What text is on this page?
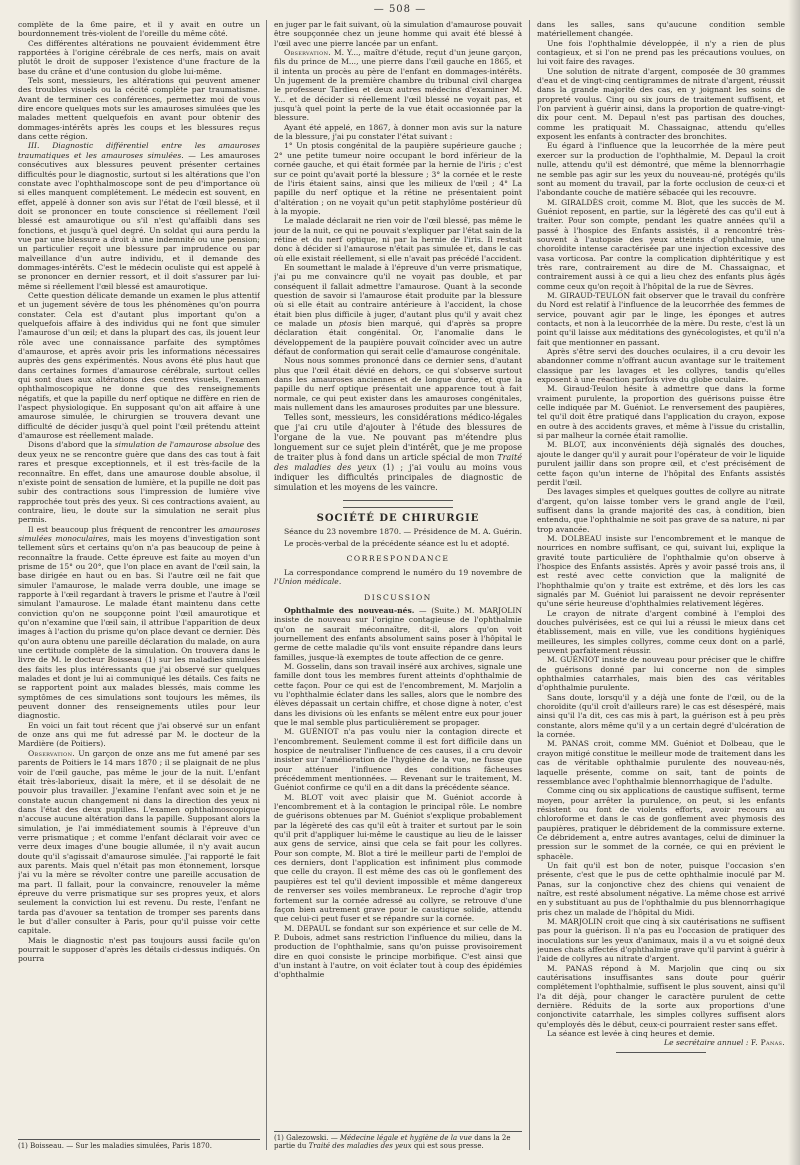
— 508 —

complète de la 6me paire, et il y avait en outre un bourdonnement très-violent de l'oreille du même côté.

Ces différentes altérations ne pouvaient évidemment être rapportées à l'origine cérébrale de ces nerfs, mais on avait plutôt le droit de supposer l'existence d'une fracture de la base du crâne et d'une contusion du globe lui-même.

Tels sont, messieurs, les altérations qui peuvent amener des troubles visuels ou la cécité complète par traumatisme. Avant de terminer ces conférences, permettez moi de vous dire encore quelques mots sur les amauroses simulées que les malades mettent quelquefois en avant pour obtenir des dommages-intérêts après les coups et les blessures reçus dans cette région.

III. Diagnostic différentiel entre les amauroses traumatiques et les amauroses simulées. — Les amauroses consécutives aux blessures peuvent présenter certaines difficultés pour le diagnostic, surtout si les altérations que l'on constate avec l'ophthalmoscope sont de peu d'importance où si elles manquent complétement. Le médecin est souvent, en effet, appelé à donner son avis sur l'état de l'œil blessé, et il doit se prononcer en toute conscience si réellement l'œil blessé est amaurotique ou s'il n'est qu'affaibli dans ses fonctions, et jusqu'à quel degré. Un soldat qui aura perdu la vue par une blessure a droit à une indemnité ou une pension; un particulier reçoit une blessure par imprudence ou par malveillance d'un autre individu, et il demande des dommages-intérêts. C'est le médecin oculiste qui est appelé à se prononcer en dernier ressort, et il doit s'assurer par lui-même si réellement l'œil blessé est amaurotique.

Cette question délicate demande un examen le plus attentif et un jugement sévère de tous les phénomènes qu'on pourra constater. Cela est d'autant plus important qu'on a quelquefois affaire à des individus qui ne font que simuler l'amaurose d'un œil; et dans la plupart des cas, ils jouent leur rôle avec une connaissance parfaite des symptômes d'amaurose, et après avoir pris les informations nécessaires auprès des gens expérimentés. Nous avons été plus haut que dans certaines formes d'amaurose cérébrale, surtout celles qui sont dues aux altérations des centres visuels, l'examen ophthalmoscopique ne donne que des renseignements négatifs, et que la papille du nerf optique ne diffère en rien de l'aspect physiologique. En supposant qu'on ait affaire à une amaurose simulée, le chirurgien se trouvera devant une difficulté de décider jusqu'à quel point l'œil prétendu atteint d'amaurose est réellement malade.

Disons d'abord que la simulation de l'amaurose absolue des deux yeux ne se rencontre guère que dans des cas tout à fait rares et presque exceptionnels, et il est très-facile de la reconnaître. En effet, dans une amaurose double absolue, il n'existe point de sensation de lumière, et la pupille ne doit pas subir des contractions sous l'impression de lumière vive rapprochée tout près des yeux. Si ces contractions avaient, au contraire, lieu, le doute sur la simulation ne serait plus permis.

Il est beaucoup plus fréquent de rencontrer les amauroses simulées monoculaires, mais les moyens d'investigation sont tellement sûrs et certains qu'on n'a pas beaucoup de peine à reconnaître la fraude. Cette épreuve est faite au moyen d'un prisme de 15° ou 20°, que l'on place en avant de l'œil sain, la base dirigée en haut ou en bas. Si l'autre œil ne fait que simuler l'amaurose, le malade verra double, une image se rapporte à l'œil regardant à travers le prisme et l'autre à l'œil simulant l'amaurose. Le malade étant maintenu dans cette conviction qu'on ne soupçonne point l'œil amaurotique et qu'on n'examine que l'œil sain, il attribue l'apparition de deux images à l'action du prisme qu'on place devant ce dernier. Dès qu'on aura obtenu une pareille déclaration du malade, on aura une certitude complète de la simulation. On trouvera dans le livre de M. le docteur Boisseau (1) sur les maladies simulées des faits les plus intéressants que j'ai observé sur quelques malades et dont je lui ai communiqué les détails. Ces faits ne se rapportent point aux malades blessés, mais comme les symptômes de ces simulations sont toujours les mêmes, ils peuvent donner des renseignements utiles pour leur diagnostic.

En voici un fait tout récent que j'ai observé sur un enfant de onze ans qui me fut adressé par M. le docteur de la Mardière (de Poitiers).

Observation. Un garçon de onze ans me fut amené par ses parents de Poitiers le 14 mars 1870 ; il se plaignait de ne plus voir de l'œil gauche, pas même le jour de la nuit. L'enfant était très-laborieux, disait la mère, et il se désolait de ne pouvoir plus travailler. J'examine l'enfant avec soin et je ne constate aucun changement ni dans la direction des yeux ni dans l'état des deux pupilles. L'examen ophthalmoscopique n'accuse aucune altération dans la papille. Supposant alors la simulation, je l'ai immédiatement soumis à l'épreuve d'un verre prismatique ; et comme l'enfant déclarait voir avec ce verre deux images d'une bougie allumée, il n'y avait aucun doute qu'il s'agissait d'amaurose simulée. J'ai rapporté le fait aux parents. Mais quel n'était pas mon étonnement, lorsque j'ai vu la mère se révolter contre une pareille accusation de ma part. Il fallait, pour la convaincre, renouveler la même épreuve du verre prismatique sur ses propres yeux, et alors seulement la conviction lui est revenu. Du reste, l'enfant ne tarda pas d'avouer sa tentation de tromper ses parents dans le but d'aller consulter à Paris, pour qu'il puisse voir cette capitale.

Mais le diagnostic n'est pas toujours aussi facile qu'on pourrait le supposer d'après les détails ci-dessus indiqués. On pourra

(1) Boisseau. — Sur les maladies simulées, Paris 1870.

en juger par le fait suivant, où la simulation d'amaurose pouvait être soupçonnée chez un jeune homme qui avait été blessé à l'œil avec une pierre lancée par un enfant.

Observation. M. Y..., maître d'étude, reçut d'un jeune garçon, fils du prince de M..., une pierre dans l'œil gauche en 1865, et il intenta un procès au père de l'enfant en dommages-intérêts. Un jugement de la première chambre du tribunal civil chargea le professeur Tardieu et deux autres médecins d'examiner M. Y... et de décider si réellement l'œil blessé ne voyait pas, et jusqu'à quel point la perte de la vue était occasionnée par la blessure.

Ayant été appelé, en 1867, à donner mon avis sur la nature de la blessure, j'ai pu constater l'état suivant :

1° Un ptosis congénital de la paupière supérieure gauche ; 2° une petite tumeur noire occupant le bord inférieur de la cornée gauche, et qui était formée par la hernie de l'iris ; c'est sur ce point qu'avait porté la blessure ; 3° la cornée et le reste de l'iris étaient sains, ainsi que les milieux de l'œil ; 4° La papille du nerf optique et la rétine ne présentaient point d'altération ; on ne voyait qu'un petit staphylôme postérieur dû à la myopie.

Le malade déclarait ne rien voir de l'œil blessé, pas même le jour de la nuit, ce qui ne pouvait s'expliquer par l'état sain de la rétine et du nerf optique, ni par la hernie de l'iris. Il restait donc à décider si l'amaurose n'était pas simulée et, dans le cas où elle existait réellement, si elle n'avait pas précédé l'accident.

En soumettant le malade à l'épreuve d'un verre prismatique, j'ai pu me convaincre qu'il ne voyait pas double, et par conséquent il fallait admettre l'amaurose. Quant à la seconde question de savoir si l'amaurose était produite par la blessure où si elle était au contraire antérieure à l'accident, la chose était bien plus difficile à juger, d'autant plus qu'il y avait chez ce malade un ptosis bien marqué, qui d'après sa propre déclaration était congénital. Or, l'anomalie dans le développement de la paupière pouvait coïncider avec un autre défaut de conformation qui serait celle d'amaurose congénitale.

Nous nous sommes prononcé dans ce dernier sens, d'autant plus que l'œil était dévié en dehors, ce qui s'observe surtout dans les amauroses anciennes et de longue durée, et que la papille du nerf optique présentait une apparence tout à fait normale, ce qui peut exister dans les amauroses congénitales, mais nullement dans les amauroses produites par une blessure.

Telles sont, messieurs, les considérations médico-légales que j'ai cru utile d'ajouter à l'étude des blessures de l'organe de la vue. Ne pouvant pas m'étendre plus longuement sur ce sujet plein d'intérêt, que je me propose de traiter plus à fond dans un article spécial de mon Traité des maladies des yeux (1) ; j'ai voulu au moins vous indiquer les difficultés principales de diagnostic de simulation et les moyens de les vaincre.

SOCIÉTÉ DE CHIRURGIE

Séance du 23 novembre 1870. — Présidence de M. A. Guérin.

Le procès-verbal de la précédente séance est lu et adopté.

CORRESPONDANCE

La correspondance comprend le numéro du 19 novembre de l'Union médicale.

DISCUSSION

Ophthalmie des nouveau-nés. — (Suite.) M. MARJOLIN insiste de nouveau sur l'origine contagieuse de l'ophthalmie qu'on ne saurait méconnaître, dit-il, alors qu'on voit journellement des enfants absolument sains poser à l'hôpital le germe de cette maladie qu'ils vont ensuite répandre dans leurs familles, jusque-là exemptes de toute affection de ce genre.

M. Gosselin, dans son travail inséré aux archives, signale une famille dont tous les membres furent atteints d'ophthalmie de cette façon. Pour ce qui est de l'encombrement, M. Marjolin a vu l'ophthalmie éclater dans les salles, alors que le nombre des élèves dépassait un certain chiffre, et chose digne à noter, c'est dans les divisions où les enfants se mêlent entre eux pour jouer que le mal semble plus particulièrement se propager.

M. GUÉNIOT n'a pas voulu nier la contagion directe et l'encombrement. Seulement comme il est fort difficile dans un hospice de neutraliser l'influence de ces causes, il a cru devoir insister sur l'amélioration de l'hygiène de la vue, ne fusse que pour atténuer l'influence des conditions fâcheuses précédemment mentionnées. — Revenant sur le traitement, M. Guéniot confirme ce qu'il en a dit dans la précédente séance.

M. BLOT voit avec plaisir que M. Guéniot accorde à l'encombrement et à la contagion le principal rôle. Le nombre de guérisons obtenues par M. Guéniot s'explique probablement par la légèreté des cas qu'il eût à traiter et surtout par le soin qu'il prit d'appliquer lui-même le caustique au lieu de le laisser aux gens de service, ainsi que cela se fait pour les collyres. Pour son compte, M. Blot a tiré le meilleur parti de l'emploi de ces derniers, dont l'application est infiniment plus commode que celle du crayon. Il est même des cas où le gonflement des paupières est tel qu'il devient impossible et même dangereux de renverser ses voiles membraneux. Le reproche d'agir trop fortement sur la cornée adressé au collyre, se retrouve d'une façon bien autrement grave pour le caustique solide, attendu que celui-ci peut fuser et se répandre sur la cornée.

M. DEPAUL se fondant sur son expérience et sur celle de M. P. Dubois, admet sans restriction l'influence du milieu, dans la production de l'ophthalmie, sans qu'on puisse provisoirement dire en quoi consiste le principe morbifique. C'est ainsi que d'un instant à l'autre, on voit éclater tout à coup des épidémies d'ophthalmie

(1) Galezowski. — Médecine légale et hygiène de la vue dans la 2e partie du Traité des maladies des yeux qui est sous presse.

dans les salles, sans qu'aucune condition semble matériellement changée.

Une fois l'ophthalmie développée, il n'y a rien de plus contagieux, et si l'on ne prend pas les précautions voulues, on lui voit faire des ravages.

Une solution de nitrate d'argent, composée de 30 grammes d'eau et de vingt-cinq centigrammes de nitrate d'argent, réussit dans la grande majorité des cas, en y joignant les soins de propreté voulus. Cinq ou six jours de traitement suffisent, et l'on parvient à guérir ainsi, dans la proportion de quatre-vingt-dix pour cent. M. Depaul n'est pas partisan des douches, comme les pratiquait M. Chassaignac, attendu qu'elles exposent les enfants à contracter des bronchites.

Eu égard à l'influence que la leucorrhée de la mère peut exercer sur la production de l'ophthalmie, M. Depaul la croit nulle, attendu qu'il est démontré, que même la blennorrhagie ne semble pas agir sur les yeux du nouveau-né, protégés qu'ils sont au moment du travail, par la forte occlusion de ceux-ci et l'abondante couche de matière sébacée qui les recouvre.

M. GIRALDÈS croit, comme M. Blot, que les succès de M. Guéniot reposent, en partie, sur la légèreté des cas qu'il eut à traiter. Pour son compte, pendant les quatre années qu'il a passé à l'hospice des Enfants assistés, il a rencontré très-souvent à l'autopsie des yeux atteints d'ophthalmie, une choroïdite intense caractérisée par une injection excessive des vasa vorticosa. Par contre la complication diphtéritique y est très rare, contrairement au dire de M. Chassaignac, et contrairement aussi à ce qui a lieu chez des enfants plus âgés comme ceux qu'on reçoit à l'hôpital de la rue de Sèvres.

M. GIRAUD-TEULON fait observer que le travail du confrère du Nord est relatif à l'influence de la leucorrhée des femmes de service, pouvant agir par le linge, les éponges et autres contacts, et non à la leucorrhée de la mère. Du reste, c'est là un point qu'il laisse aux méditations des gynécologistes, et qu'il n'a fait que mentionner en passant.

Après s'être servi des douches oculaires, il a cru devoir les abandonner comme n'offrant aucun avantage sur le traitement classique par les lavages et les collyres, tandis qu'elles exposent à une réaction parfois vive du globe oculaire.

M. Giraud-Teulon hésite à admettre que dans la forme vraiment purulente, la proportion des guérisons puisse être celle indiquée par M. Guéniot. Le renversement des paupières, tel qu'il doit être pratiqué dans l'application du crayon, expose en outre à des accidents graves, et même à l'issue du cristallin, si par malheur la cornée était ramollie.

M. BLOT, aux inconvénients déjà signalés des douches, ajoute le danger qu'il y aurait pour l'opérateur de voir le liquide purulent jaillir dans son propre œil, et c'est précisément de cette façon qu'un interne de l'hôpital des Enfants assistés perdit l'œil.

Des lavages simples et quelques gouttes de collyre au nitrate d'argent, qu'on laisse tomber vers le grand angle de l'œil, suffisent dans la grande majorité des cas, à condition, bien entendu, que l'ophthalmie ne soit pas grave de sa nature, ni par trop avancée.

M. DOLBEAU insiste sur l'encombrement et le manque de nourrices en nombre suffisant, ce qui, suivant lui, explique la gravité toute particulière de l'ophthalmie qu'on observe à l'hospice des Enfants assistés. Après y avoir passé trois ans, il est resté avec cette conviction que la malignité de l'hophthalmie qu'on y traite est extrême, et dès lors les cas signalés par M. Guéniot lui paraissent ne devoir représenter qu'une série heureuse d'ophthalmies relativement légères.

Le crayon de nitrate d'argent combiné à l'emploi des douches pulvérisées, est ce qui lui a réussi le mieux dans cet établissement, mais en ville, vue les conditions hygiéniques meilleures, les simples collyres, comme ceux dont on a parlé, peuvent parfaitement réussir.

M. GUÉNIOT insiste de nouveau pour préciser que le chiffre de guérisons donné par lui concerne non de simples ophthalmies catarrhales, mais bien des cas véritables d'ophthalmie purulente.

Sans doute, lorsqu'il y a déjà une fonte de l'œil, ou de la choroïdite (qu'il croît d'ailleurs rare) le cas est désespéré, mais ainsi qu'il l'a dit, ces cas mis à part, la guérison est à peu près constante, alors même qu'il y a un certain degré d'ulcération de la cornée.

M. PANAS croit, comme MM. Guéniot et Dolbeau, que le crayon mitigé constitue le meilleur mode de traitement dans les cas de véritable ophthalmie purulente des nouveau-nés, laquelle présente, comme on sait, tant de points de ressemblance avec l'ophthalmie blennorrhagique de l'adulte.

Comme cinq ou six applications de caustique suffisent, terme moyen, pour arrêter la purulence, on peut, si les enfants résistent ou font de violents efforts, avoir recours au chloroforme et dans le cas de gonflement avec phymosis des paupières, pratiquer le débridement de la commissure externe. Ce débridement a, entre autres avantages, celui de diminuer la pression sur le sommet de la cornée, ce qui en prévient le sphacèle.

Un fait qu'il est bon de noter, puisque l'occasion s'en présente, c'est que le pus de cette ophthalmie inoculé par M. Panas, sur la conjonctive chez des chiens qui venaient de naître, est resté absolument négative. La même chose est arrivé en y substituant au pus de l'ophthalmie du pus blennorrhagique pris chez un malade de l'hôpital du Midi.

M. MARJOLIN croit que cinq à six cautérisations ne suffisent pas pour la guérison. Il n'a pas eu l'occasion de pratiquer des inoculations sur les yeux d'animaux, mais il a vu et soigné deux jeunes chats affectés d'ophthalmie grave qu'il parvint à guérir à l'aide de collyres au nitrate d'argent.

M. PANAS répond à M. Marjolin que cinq ou six cautérisations insuffisantes sans doute pour guérir complétement l'ophthalmie, suffisent le plus souvent, ainsi qu'il l'a dit déjà, pour changer le caractère purulent de cette dernière. Réduits de la sorte aux proportions d'une conjonctivite catarrhale, les simples collyres suffisent alors qu'employés dès le début, ceux-ci pourraient rester sans effet.

La séance est levée à cinq heures et demie.

Le secrétaire annuel : F. Panas.
